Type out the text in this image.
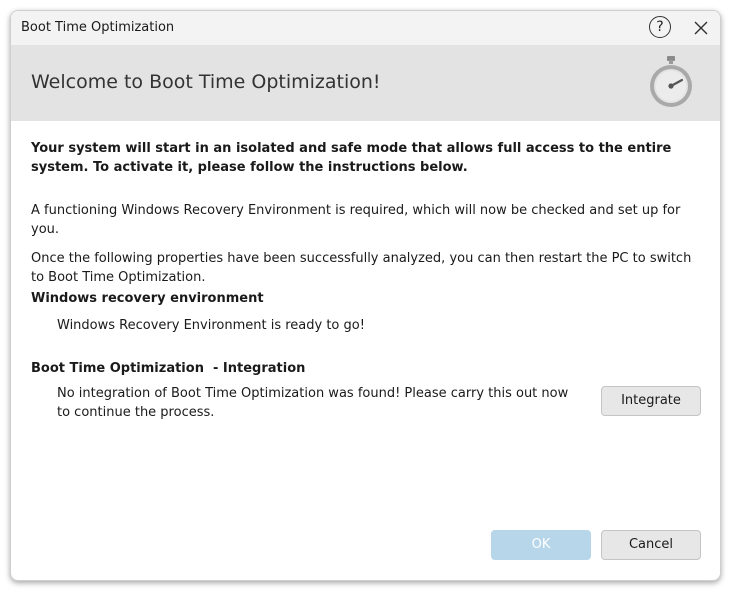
Boot Time Optimization	?
Welcome to Boot Time Optimization!

Your system will start in an isolated and safe mode that allows full access to the entire system. To activate it, please follow the instructions below.

A functioning Windows Recovery Environment is required, which will now be checked and set up for you.

Once the following properties have been successfully analyzed, you can then restart the PC to switch to Boot Time Optimization.

Windows recovery environment
Windows Recovery Environment is ready to go!
Boot Time Optimization  - Integration
No integration of Boot Time Optimization was found! Please carry this out now to continue the process.
Integrate
OK	Cancel
